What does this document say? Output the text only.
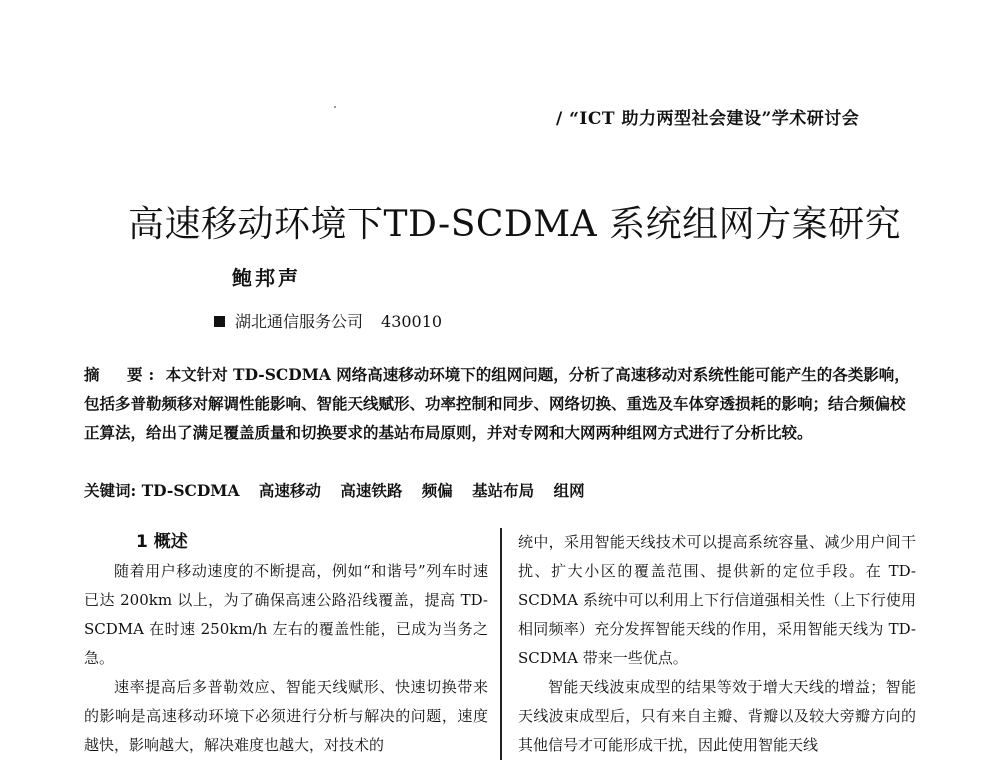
/ “ICT 助力两型社会建设”学术研讨会
高速移动环境下TD-SCDMA 系统组网方案研究
鲍邦声
湖北通信服务公司 430010
摘　要: 本文针对 TD-SCDMA 网络高速移动环境下的组网问题，分析了高速移动对系统性能可能产生的各类影响，包括多普勒频移对解调性能影响、智能天线赋形、功率控制和同步、网络切换、重选及车体穿透损耗的影响；结合频偏校正算法，给出了满足覆盖质量和切换要求的基站布局原则，并对专网和大网两种组网方式进行了分析比较。
关键词: TD-SCDMA 高速移动 高速铁路 频偏 基站布局 组网
1 概述

随着用户移动速度的不断提高，例如“和谐号”列车时速已达 200km 以上，为了确保高速公路沿线覆盖，提高 TD-SCDMA 在时速 250km/h 左右的覆盖性能，已成为当务之急。

速率提高后多普勒效应、智能天线赋形、快速切换带来的影响是高速移动环境下必须进行分析与解决的问题，速度越快，影响越大，解决难度也越大，对技术的

统中，采用智能天线技术可以提高系统容量、减少用户间干扰、扩大小区的覆盖范围、提供新的定位手段。在 TD-SCDMA 系统中可以利用上下行信道强相关性（上下行使用相同频率）充分发挥智能天线的作用，采用智能天线为 TD-SCDMA 带来一些优点。

智能天线波束成型的结果等效于增大天线的增益；智能天线波束成型后，只有来自主瓣、背瓣以及较大旁瓣方向的其他信号才可能形成干扰，因此使用智能天线
